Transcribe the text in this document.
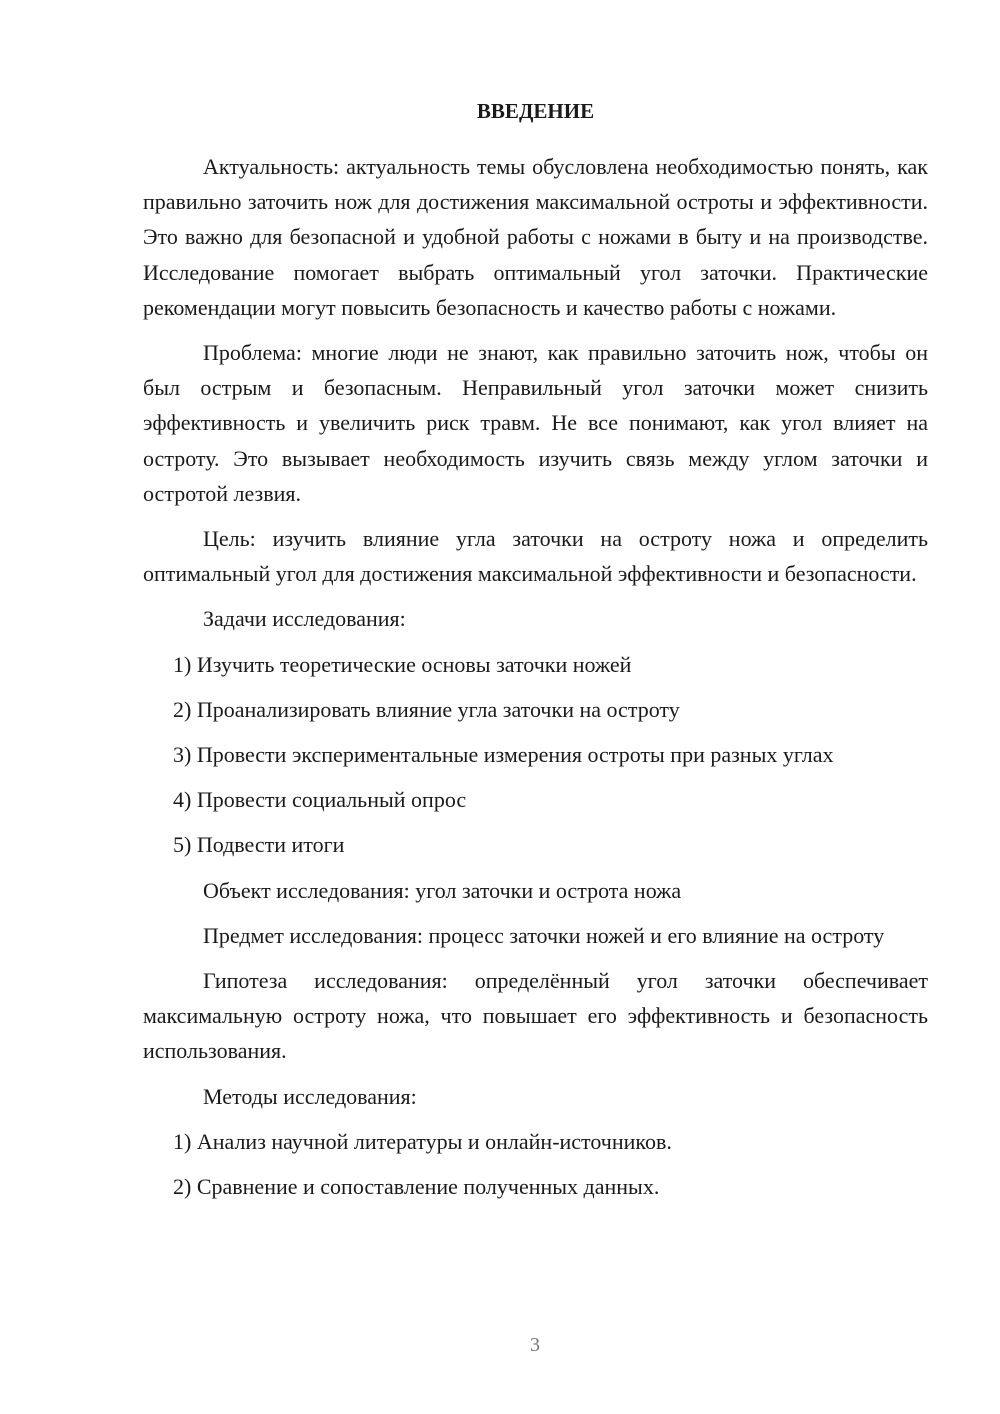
ВВЕДЕНИЕ

Актуальность: актуальность темы обусловлена необходимостью понять, как правильно заточить нож для достижения максимальной остроты и эффективности. Это важно для безопасной и удобной работы с ножами в быту и на производстве. Исследование помогает выбрать оптимальный угол заточки. Практические рекомендации могут повысить безопасность и качество работы с ножами.

Проблема: многие люди не знают, как правильно заточить нож, чтобы он был острым и безопасным. Неправильный угол заточки может снизить эффективность и увеличить риск травм. Не все понимают, как угол влияет на остроту. Это вызывает необходимость изучить связь между углом заточки и остротой лезвия.

Цель: изучить влияние угла заточки на остроту ножа и определить оптимальный угол для достижения максимальной эффективности и безопасности.

Задачи исследования:

1) Изучить теоретические основы заточки ножей
2) Проанализировать влияние угла заточки на остроту
3) Провести экспериментальные измерения остроты при разных углах
4) Провести социальный опрос
5) Подвести итоги

Объект исследования: угол заточки и острота ножа

Предмет исследования: процесс заточки ножей и его влияние на остроту

Гипотеза исследования: определённый угол заточки обеспечивает максимальную остроту ножа, что повышает его эффективность и безопасность использования.

Методы исследования:

1) Анализ научной литературы и онлайн-источников.
2) Сравнение и сопоставление полученных данных.
3
